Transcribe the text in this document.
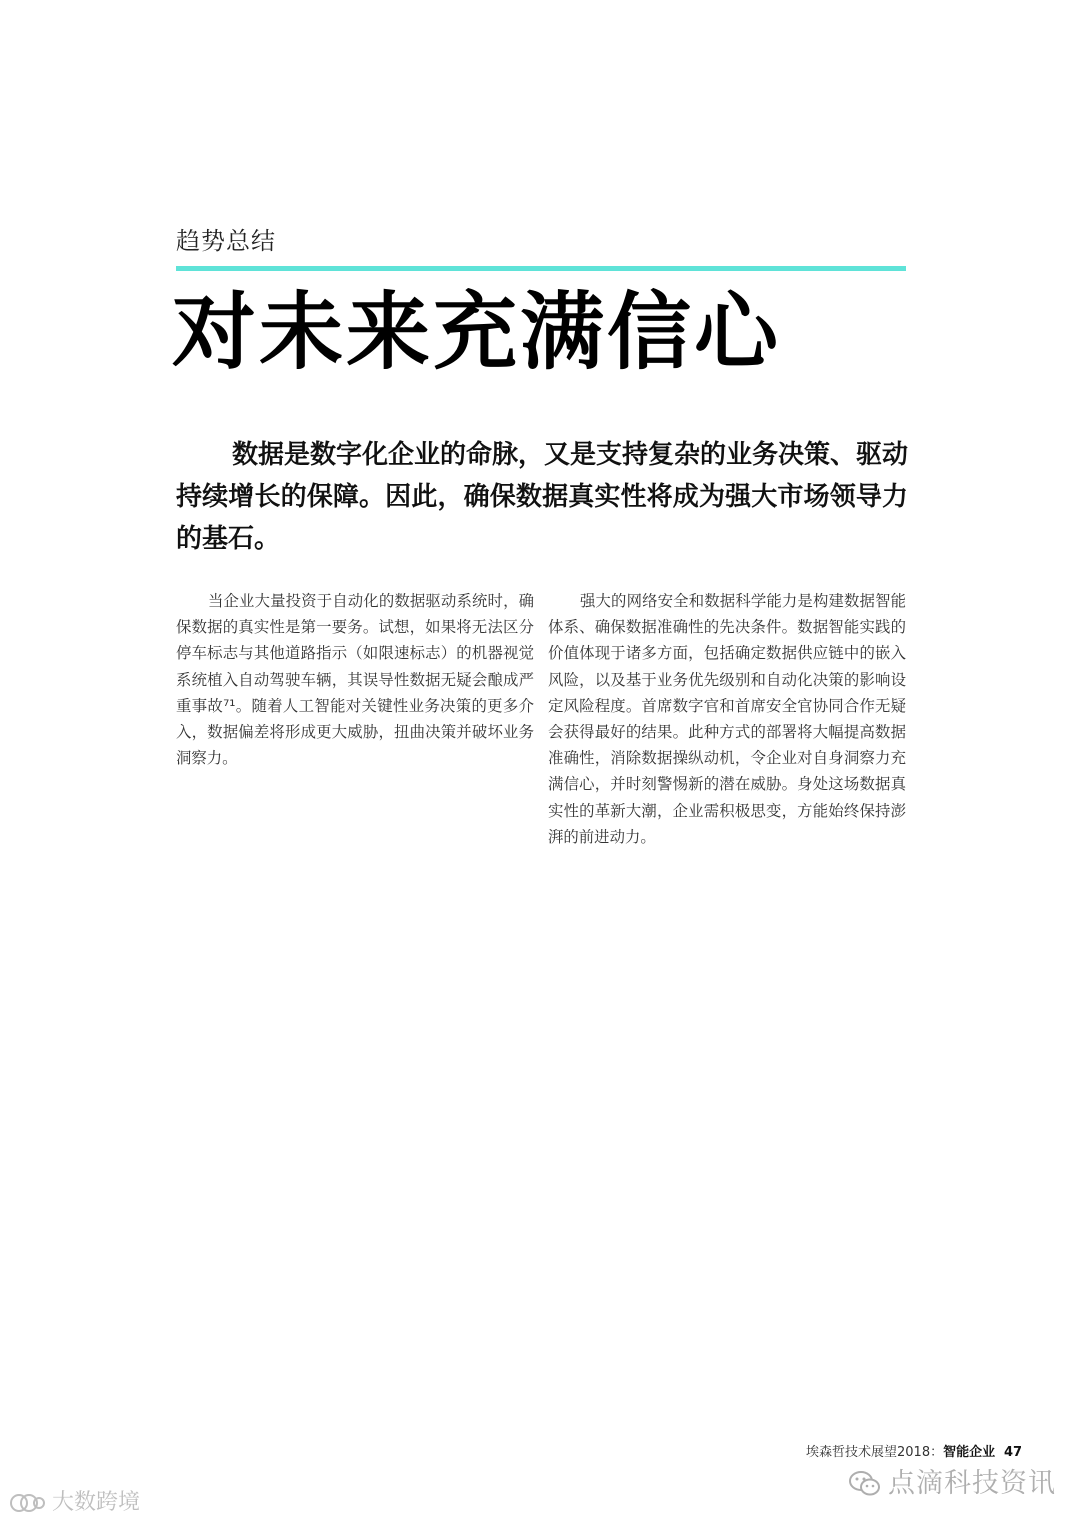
趋势总结
对未来充满信心

数据是数字化企业的命脉，又是支持复杂的业务决策、驱动持续增长的保障。因此，确保数据真实性将成为强大市场领导力的基石。

当企业大量投资于自动化的数据驱动系统时，确保数据的真实性是第一要务。试想，如果将无法区分停车标志与其他道路指示（如限速标志）的机器视觉系统植入自动驾驶车辆，其误导性数据无疑会酿成严重事故⁷¹。随着人工智能对关键性业务决策的更多介入，数据偏差将形成更大威胁，扭曲决策并破坏业务洞察力。

强大的网络安全和数据科学能力是构建数据智能体系、确保数据准确性的先决条件。数据智能实践的价值体现于诸多方面，包括确定数据供应链中的嵌入风险，以及基于业务优先级别和自动化决策的影响设定风险程度。首席数字官和首席安全官协同合作无疑会获得最好的结果。此种方式的部署将大幅提高数据准确性，消除数据操纵动机，令企业对自身洞察力充满信心，并时刻警惕新的潜在威胁。身处这场数据真实性的革新大潮，企业需积极思变，方能始终保持澎湃的前进动力。

埃森哲技术展望2018：智能企业 47
点滴科技资讯
大数跨境
